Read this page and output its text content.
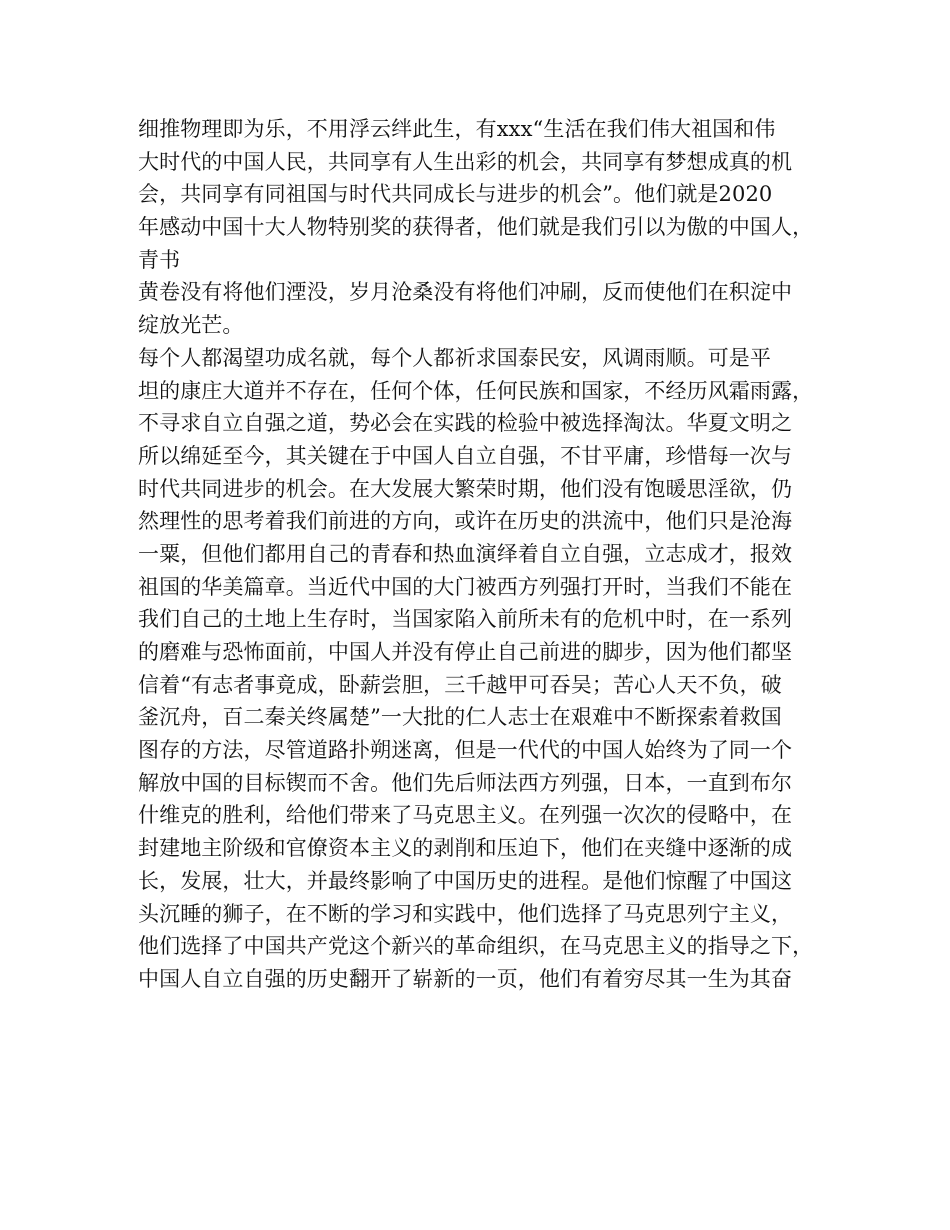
细推物理即为乐，不用浮云绊此生，有xxx“生活在我们伟大祖国和伟
大时代的中国人民，共同享有人生出彩的机会，共同享有梦想成真的机
会，共同享有同祖国与时代共同成长与进步的机会”。他们就是2020
年感动中国十大人物特别奖的获得者，他们就是我们引以为傲的中国人，
青书
黄卷没有将他们湮没，岁月沧桑没有将他们冲刷，反而使他们在积淀中
绽放光芒。
每个人都渴望功成名就，每个人都祈求国泰民安，风调雨顺。可是平
坦的康庄大道并不存在，任何个体，任何民族和国家，不经历风霜雨露，
不寻求自立自强之道，势必会在实践的检验中被选择淘汰。华夏文明之
所以绵延至今，其关键在于中国人自立自强，不甘平庸，珍惜每一次与
时代共同进步的机会。在大发展大繁荣时期，他们没有饱暖思淫欲，仍
然理性的思考着我们前进的方向，或许在历史的洪流中，他们只是沧海
一粟，但他们都用自己的青春和热血演绎着自立自强，立志成才，报效
祖国的华美篇章。当近代中国的大门被西方列强打开时，当我们不能在
我们自己的土地上生存时，当国家陷入前所未有的危机中时，在一系列
的磨难与恐怖面前，中国人并没有停止自己前进的脚步，因为他们都坚
信着“有志者事竟成，卧薪尝胆，三千越甲可吞吴；苦心人天不负，破
釜沉舟，百二秦关终属楚”一大批的仁人志士在艰难中不断探索着救国
图存的方法，尽管道路扑朔迷离，但是一代代的中国人始终为了同一个
解放中国的目标锲而不舍。他们先后师法西方列强，日本，一直到布尔
什维克的胜利，给他们带来了马克思主义。在列强一次次的侵略中，在
封建地主阶级和官僚资本主义的剥削和压迫下，他们在夹缝中逐渐的成
长，发展，壮大，并最终影响了中国历史的进程。是他们惊醒了中国这
头沉睡的狮子，在不断的学习和实践中，他们选择了马克思列宁主义，
他们选择了中国共产党这个新兴的革命组织，在马克思主义的指导之下，
中国人自立自强的历史翻开了崭新的一页，他们有着穷尽其一生为其奋
